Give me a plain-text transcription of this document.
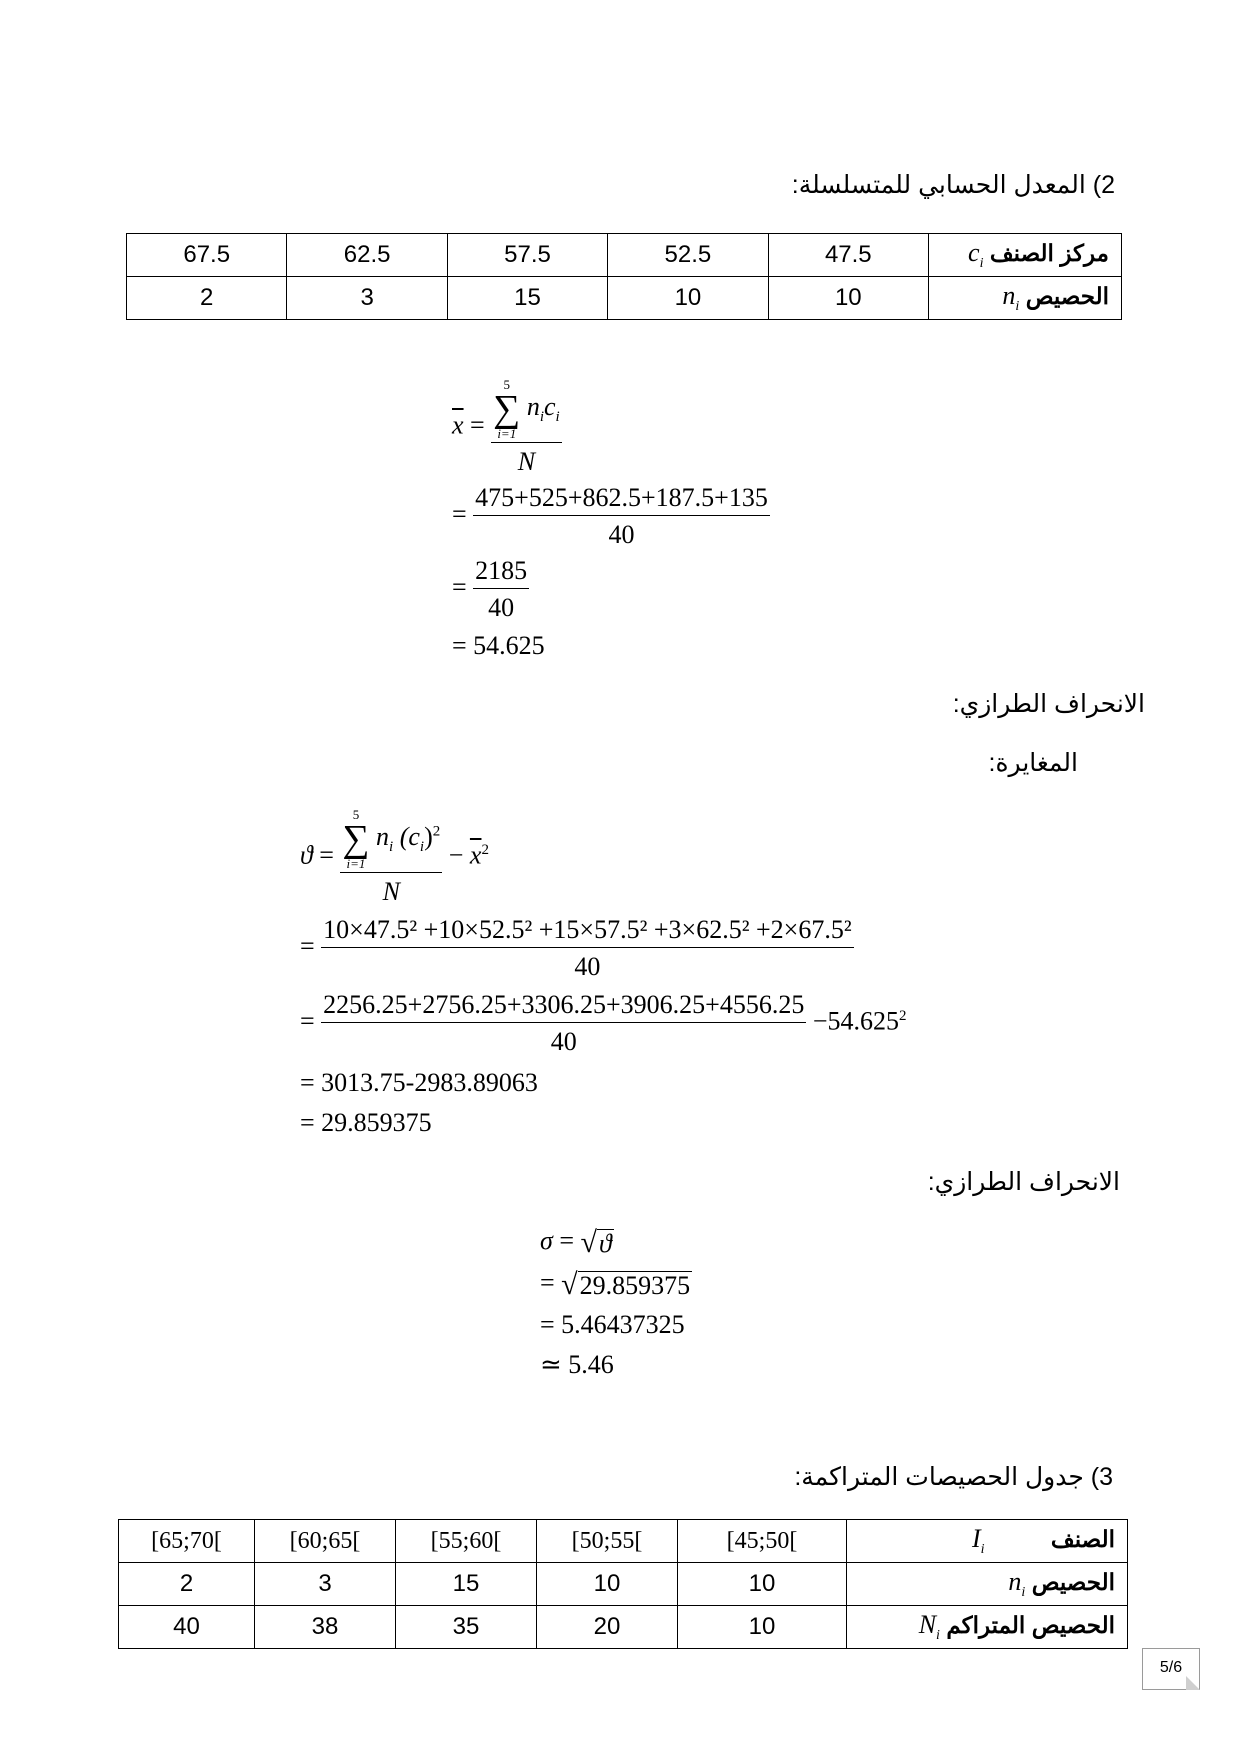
2) المعدل الحسابي للمتسلسلة:
مركز الصنف $c_i$	47.5	52.5	57.5	62.5	67.5
الحصيص $n_i$	10	10	15	3	2
$\overline{x} = 5$
∑
i=1
$n_ic_i$
N
= $\frac{475+525+862.5+187.5+135}{40}$
= $\frac{2185}{40}$
= 54.625
الانحراف الطرازي:
المغايرة:
ϑ = 5
∑
i=1
$n_i$ $(c_i)^2$
$N - \overline{x}^2$
= $\frac{\text{10×47.5² +10×52.5² +15×57.5² +3×62.5² +2×67.5²}}{40}$
= $\frac{2256.25+2756.25+3306.25+3906.25+4556.25}{40} -54.625^2$
= 3013.75-2983.89063
= 29.859375
الانحراف الطرازي:
σ = √ ϑ
= √ 29.859375
= 5.46437325
≃ 5.46
3) جدول الحصيصات المتراكمة:
الصنف $I_i$	[45;50[	[50;55[	[55;60[	[60;65[	[65;70[
الحصيص $n_i$	10	10	15	3	2
الحصيص المتراكم $N_i$	10	20	35	38	40
5/6
